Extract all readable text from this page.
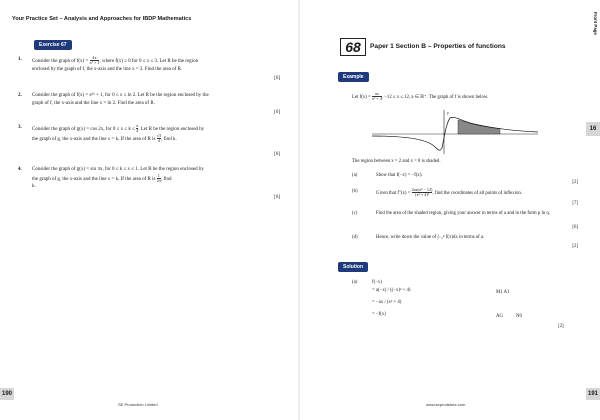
Your Practice Set – Analysis and Approaches for IBDP Mathematics
Exercise 67
1. Consider the graph of $f(x) = \frac{4x}{\text{x² + 1}}$ , where f(x) ≥ 0 for 0 ≤ x ≤ 3. Let R be the region
enclosed by the graph of f, the x-axis and the line x = 3. Find the area of R.
[6]
2. Consider the graph of f(x) = e²ˣ + 1, for 0 ≤ x ≤ ln 2. Let R be the region enclosed by the
graph of f, the x-axis and the line x = ln 2. Find the area of R.
[6]
3. Consider the graph of g(x) = cos 2x, for $0 \le x \le k \le \frac{\pi}{4}$ . Let R be the region enclosed by
the graph of g, the x-axis and the line x = k. If the area of R is $\frac{√3}{4}$ , find k.
[6]
4. Consider the graph of g(x) = sin πx, for 0 ≤ k ≤ x ≤ 1. Let R be the region enclosed by
the graph of g, the x-axis and the line x = k. If the area of R is $\frac{1}{2\pi}$ , find
k.
[6]
190
SE Production Limited
Front Page
68	Paper 1 Section B – Properties of functions
Example
Let $f(x) = \frac{ax}{\text{x² + 4}}$ , −12 ≤ x ≤ 12, a ∈ ℝ⁺. The graph of f is shown below.
y
The region between x = 2 and x = 8 is shaded.
(a)	Show that f(−x) = −f(x).
[2]
(b)	Given that $f''(x) = \frac{\text{2ax(x² − 12)}}{\text{(x² + 4)³}}$ , find the coordinates of all points of inflexion.
[7]
(c)	Find the area of the shaded region, giving your answer in terms of a and in the form p ln q.
[6]
(d)	Hence, write down the value of ∫₋₂⁸ f(x)dx in terms of a.
[2]
Solution
(a)	f(−x)
= a(−x) / ((−x)² + 4)
= −ax / (x² + 4)
= −f(x)
M1 A1
AG	N0
[2]
16
191
www.seprodstore.com
